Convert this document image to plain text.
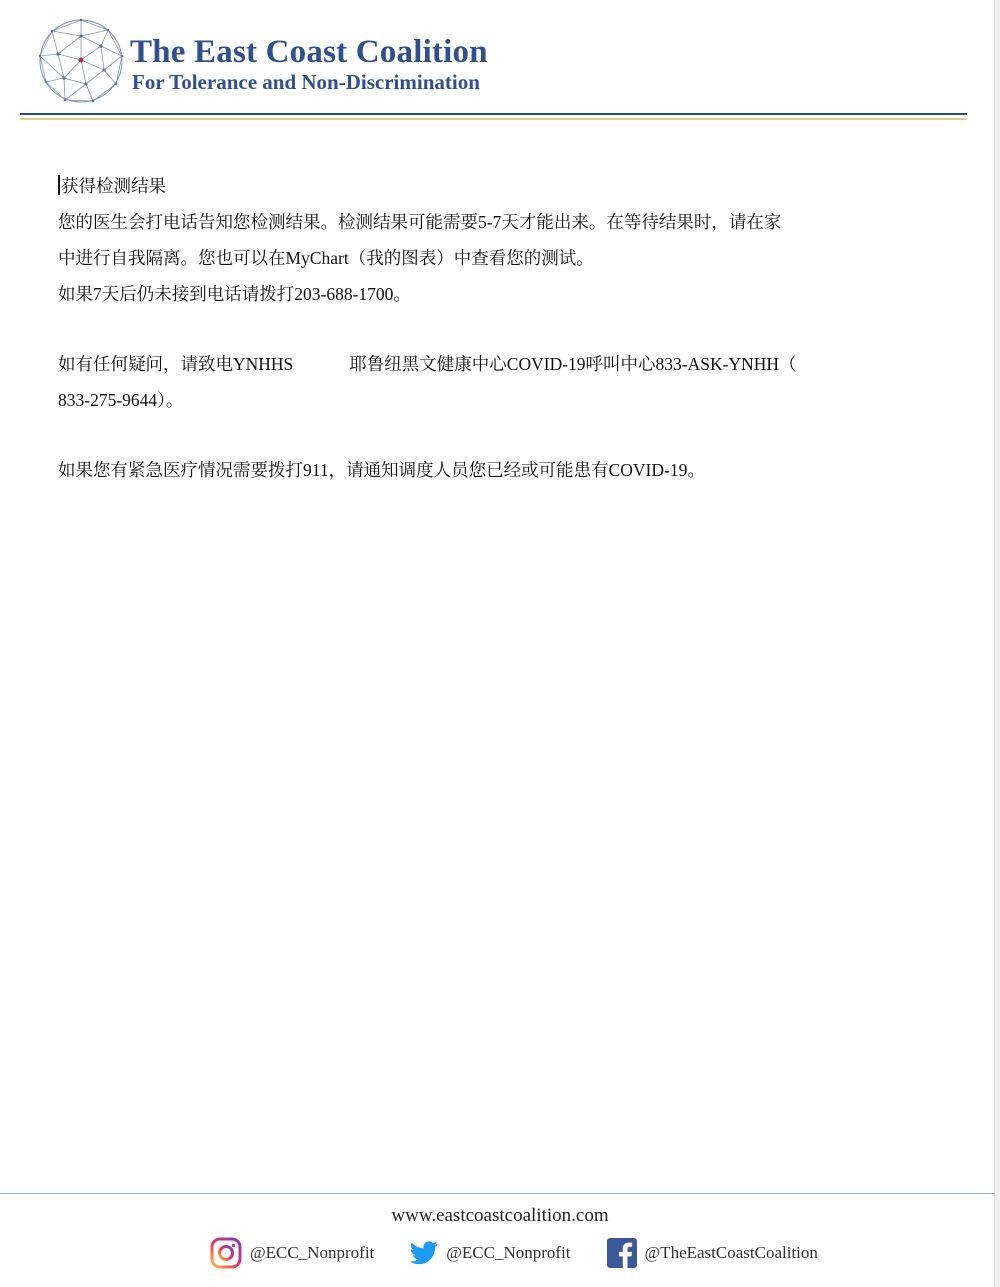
The East Coast Coalition
For Tolerance and Non-Discrimination

获得检测结果

您的医生会打电话告知您检测结果。检测结果可能需要5-7天才能出来。在等待结果时，请在家

中进行自我隔离。您也可以在MyChart（我的图表）中查看您的测试。

如果7天后仍未接到电话请拨打203-688-1700。

如有任何疑问，请致电YNHHS	耶鲁纽黑文健康中心COVID-19呼叫中心833-ASK-YNHH（

833-275-9644）。

如果您有紧急医疗情况需要拨打911，请通知调度人员您已经或可能患有COVID-19。

www.eastcoastcoalition.com
@ECC_Nonprofit	@ECC_Nonprofit	@TheEastCoastCoalition
